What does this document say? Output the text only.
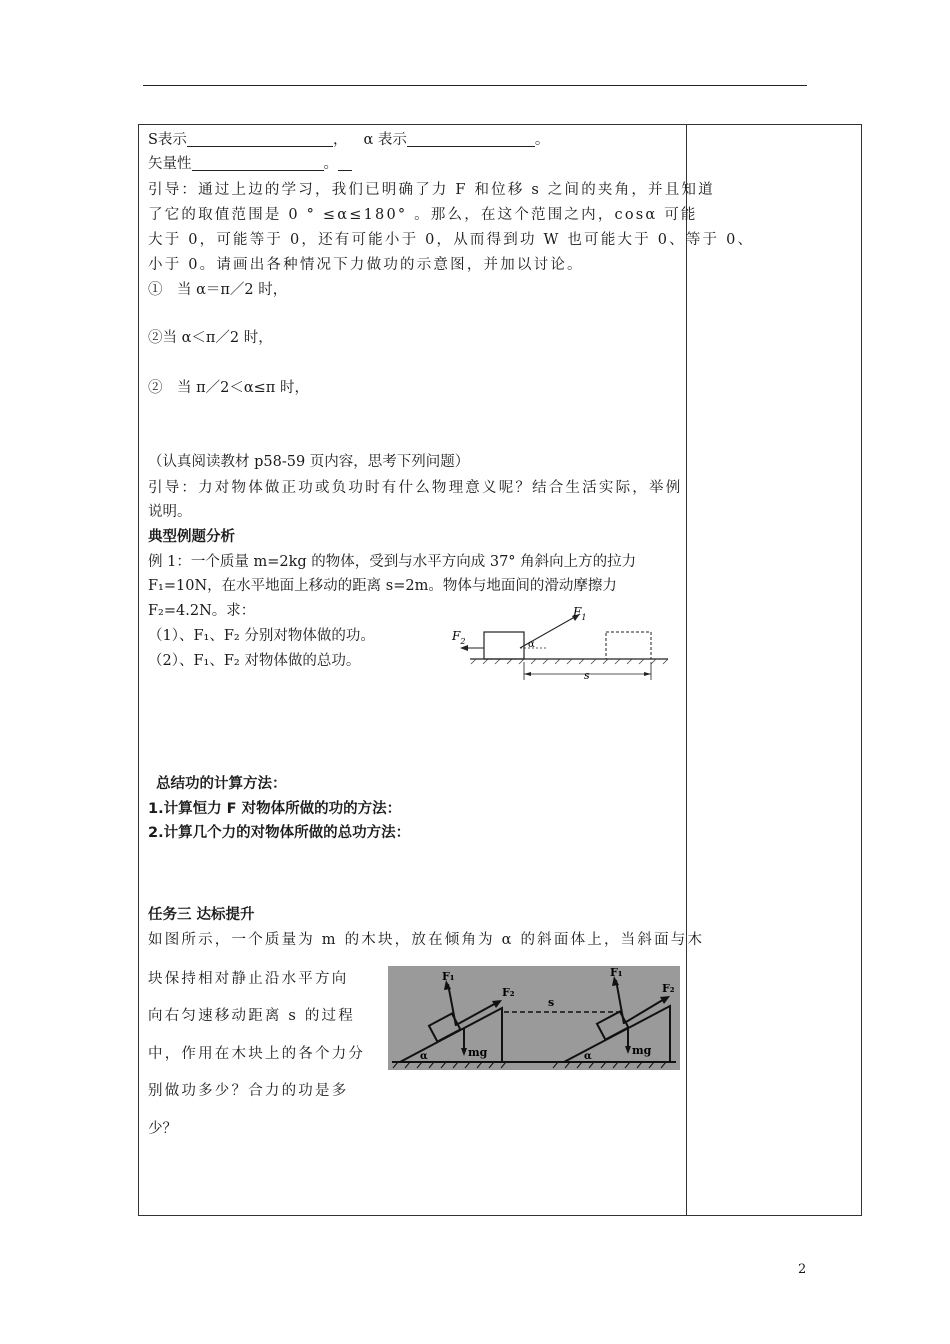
S表示	， α 表示	。
矢量性	。
引导：通过上边的学习，我们已明确了力 F 和位移 s 之间的夹角，并且知道
了它的取值范围是 0 ° ≤α≤180° 。那么，在这个范围之内，cosα 可能
大于 0，可能等于 0，还有可能小于 0，从而得到功 W 也可能大于 0、等于 0、
小于 0。请画出各种情况下力做功的示意图，并加以讨论。
①　当 α＝π／2 时，
②当 α＜π／2 时，
②　当 π／2＜α≤π 时，
（认真阅读教材 p58-59 页内容，思考下列问题）
引导：力对物体做正功或负功时有什么物理意义呢？结合生活实际，举例
说明。
典型例题分析
例 1：一个质量 m=2kg 的物体，受到与水平方向成 37° 角斜向上方的拉力
F₁=10N，在水平地面上移动的距离 s=2m。物体与地面间的滑动摩擦力
F₂=4.2N。求：
（1）、F₁、F₂ 分别对物体做的功。
（2）、F₁、F₂ 对物体做的总功。
$F_1$
$F_2$	α
s
总结功的计算方法：
1.计算恒力 F 对物体所做的功的方法：
2.计算几个力的对物体所做的总功方法：
任务三 达标提升
如图所示，一个质量为 m 的木块，放在倾角为 α 的斜面体上，当斜面与木
块保持相对静止沿水平方向
向右匀速移动距离 s 的过程
中，作用在木块上的各个力分
别做功多少？合力的功是多
少？
F₁
F₂
mg
α
s
F₁
F₂
mg
α
2
